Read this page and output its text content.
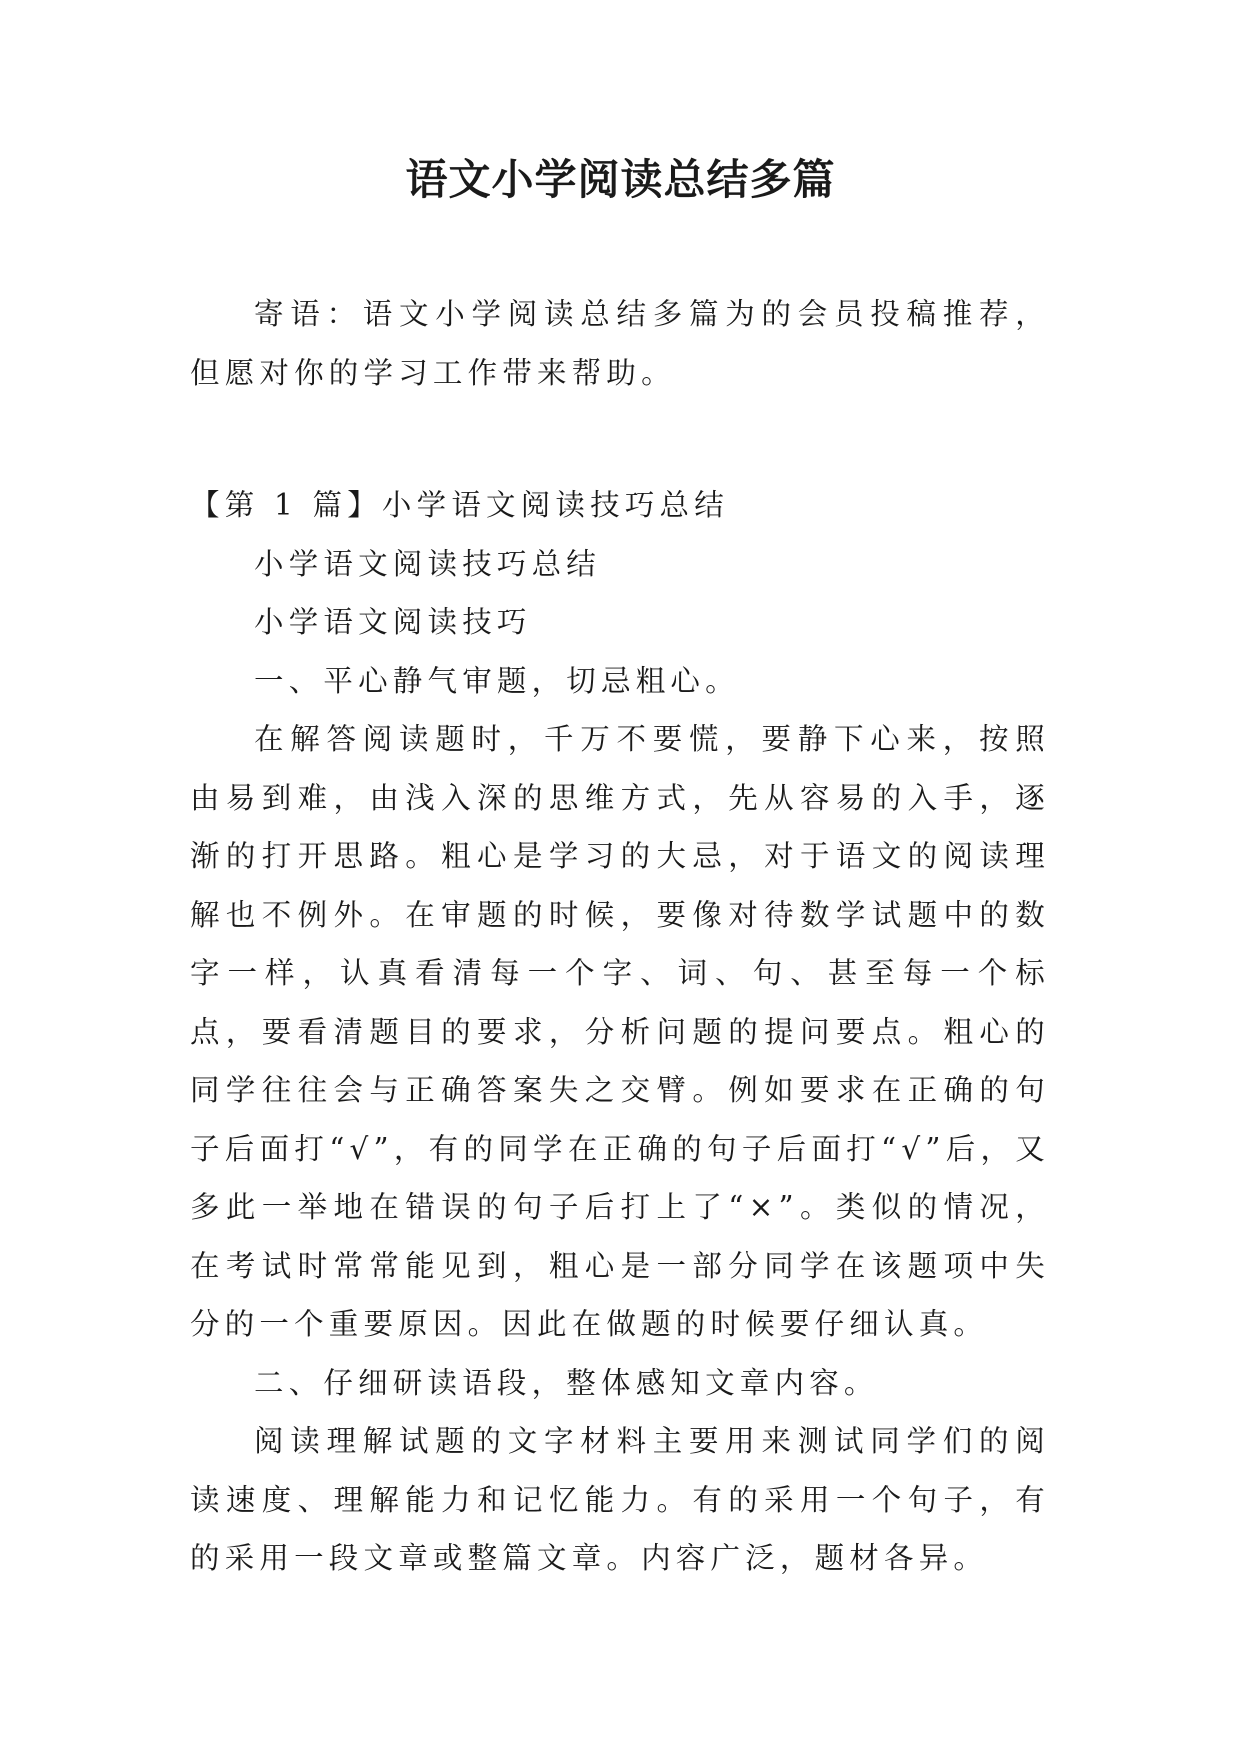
语文小学阅读总结多篇

寄语：语文小学阅读总结多篇为的会员投稿推荐，但愿对你的学习工作带来帮助。

【第 1 篇】小学语文阅读技巧总结

小学语文阅读技巧总结

小学语文阅读技巧

一、平心静气审题，切忌粗心。

在解答阅读题时，千万不要慌，要静下心来，按照由易到难，由浅入深的思维方式，先从容易的入手，逐渐的打开思路。粗心是学习的大忌，对于语文的阅读理解也不例外。在审题的时候，要像对待数学试题中的数字一样，认真看清每一个字、词、句、甚至每一个标点，要看清题目的要求，分析问题的提问要点。粗心的同学往往会与正确答案失之交臂。例如要求在正确的句子后面打“√”，有的同学在正确的句子后面打“√”后，又多此一举地在错误的句子后打上了“×”。类似的情况，在考试时常常能见到，粗心是一部分同学在该题项中失分的一个重要原因。因此在做题的时候要仔细认真。

二、仔细研读语段，整体感知文章内容。

阅读理解试题的文字材料主要用来测试同学们的阅读速度、理解能力和记忆能力。有的采用一个句子，有的采用一段文章或整篇文章。内容广泛，题材各异。
